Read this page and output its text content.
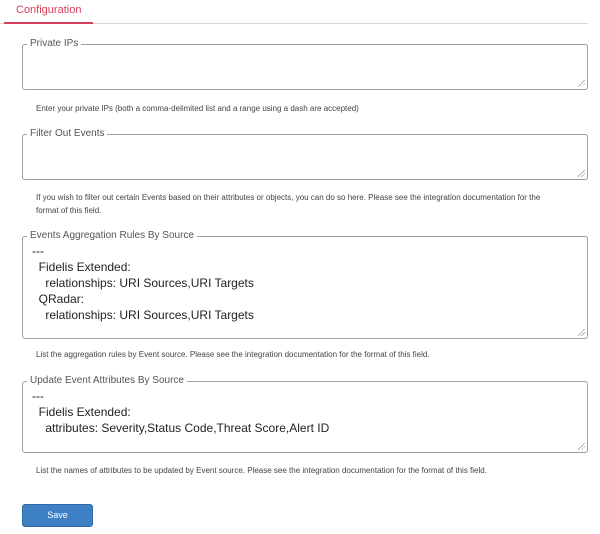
Configuration
Private IPs
Enter your private IPs (both a comma-delimited list and a range using a dash are accepted)
Filter Out Events
If you wish to filter out certain Events based on their attributes or objects, you can do so here. Please see the integration documentation for the
format of this field.
---
Fidelis Extended:
relationships: URI Sources,URI Targets
QRadar:
relationships: URI Sources,URI Targets
Events Aggregation Rules By Source
List the aggregation rules by Event source. Please see the integration documentation for the format of this field.
---
Fidelis Extended:
attributes: Severity,Status Code,Threat Score,Alert ID
Update Event Attributes By Source
List the names of attributes to be updated by Event source. Please see the integration documentation for the format of this field.
Save
